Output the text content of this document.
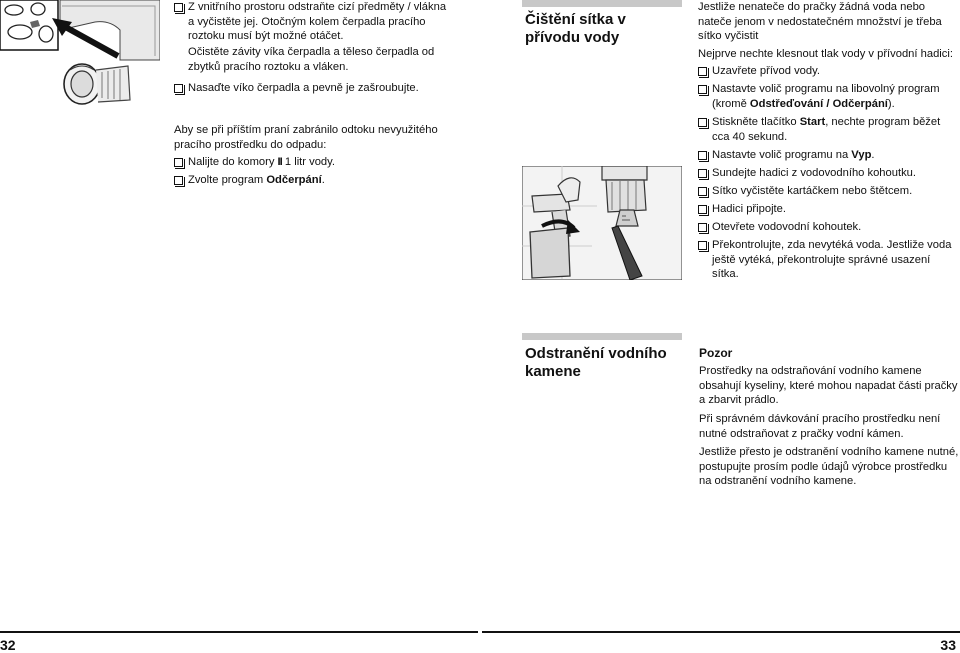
Z vnitřního prostoru odstraňte cizí předměty / vlákna a vyčistěte jej. Otočným kolem čerpadla pracího roztoku musí být možné otáčet.
Očistěte závity víka čerpadla a těleso čerpadla od zbytků pracího roztoku a vláken.
Nasaďte víko čerpadla a pevně je zašroubujte.
Aby se při příštím praní zabránilo odtoku nevyužitého pracího prostředku do odpadu:
Nalijte do komory II 1 litr vody.
Zvolte program Odčerpání.
32
Čištění sítka v přívodu vody
Odstranění vodního kamene
Jestliže nenateče do pračky žádná voda nebo nateče jenom v nedostatečném množství je třeba sítko vyčistit
Nejprve nechte klesnout tlak vody v přívodní hadici:
Uzavřete přívod vody.
Nastavte volič programu na libovolný program (kromě Odstřeďování / Odčerpání).
Stiskněte tlačítko Start, nechte program běžet cca 40 sekund.
Nastavte volič programu na Vyp.
Sundejte hadici z vodovodního kohoutku.
Sítko vyčistěte kartáčkem nebo štětcem.
Hadici připojte.
Otevřete vodovodní kohoutek.
Překontrolujte, zda nevytéká voda. Jestliže voda ještě vytéká, překontrolujte správné usazení sítka.
Pozor
Prostředky na odstraňování vodního kamene obsahují kyseliny, které mohou napadat části pračky a zbarvit prádlo.
Při správném dávkování pracího prostředku není nutné odstraňovat z pračky vodní kámen.
Jestliže přesto je odstranění vodního kamene nutné, postupujte prosím podle údajů výrobce prostředku na odstranění vodního kamene.
33
